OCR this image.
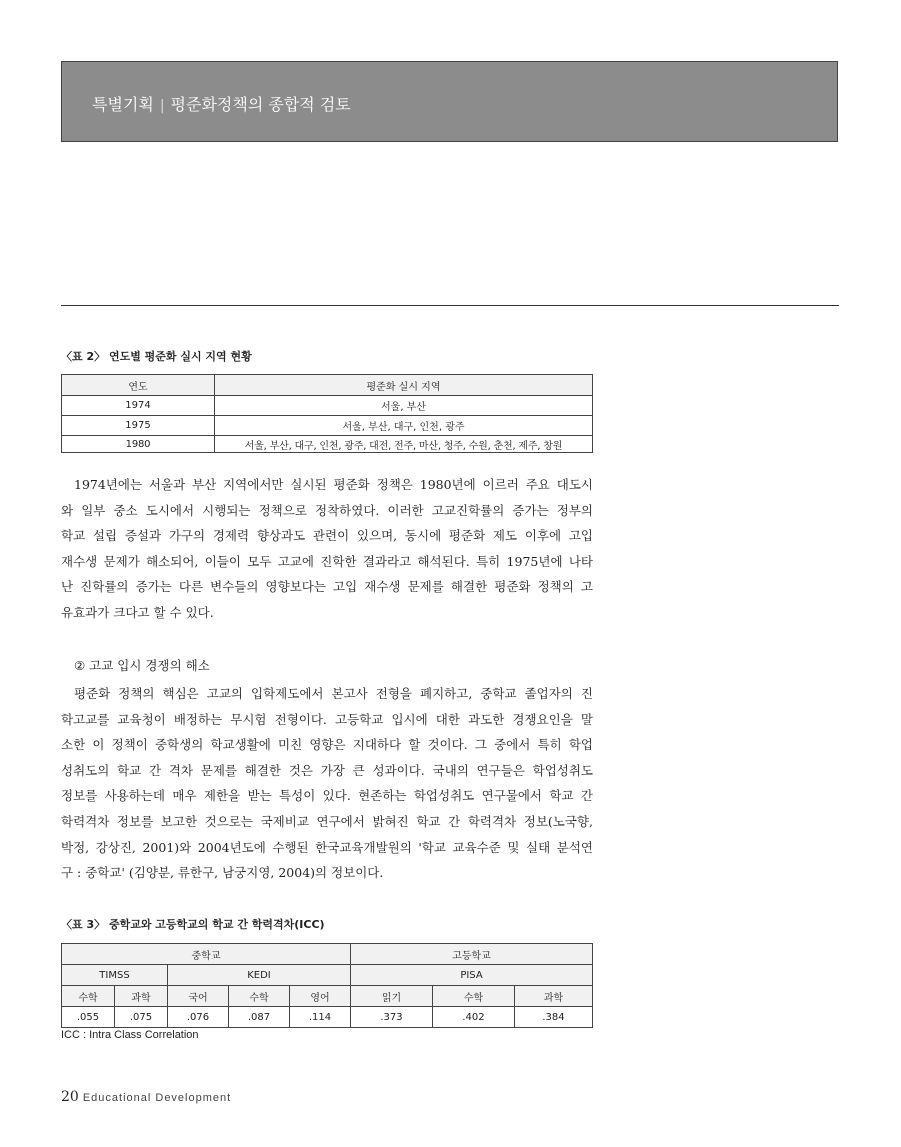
특별기획 | 평준화정책의 종합적 검토
〈표 2〉 연도별 평준화 실시 지역 현황
연도	평준화 실시 지역
1974	서울, 부산
1975	서울, 부산, 대구, 인천, 광주
1980	서울, 부산, 대구, 인천, 광주, 대전, 전주, 마산, 청주, 수원, 춘천, 제주, 창원
1974년에는 서울과 부산 지역에서만 실시된 평준화 정책은 1980년에 이르러 주요 대도시
와 일부 중소 도시에서 시행되는 정책으로 정착하였다. 이러한 고교진학률의 증가는 정부의
학교 설립 증설과 가구의 경제력 향상과도 관련이 있으며, 동시에 평준화 제도 이후에 고입
재수생 문제가 해소되어, 이들이 모두 고교에 진학한 결과라고 해석된다. 특히 1975년에 나타
난 진학률의 증가는 다른 변수들의 영향보다는 고입 재수생 문제를 해결한 평준화 정책의 고
유효과가 크다고 할 수 있다.
② 고교 입시 경쟁의 해소
평준화 정책의 핵심은 고교의 입학제도에서 본고사 전형을 폐지하고, 중학교 졸업자의 진
학고교를 교육청이 배정하는 무시험 전형이다. 고등학교 입시에 대한 과도한 경쟁요인을 말
소한 이 정책이 중학생의 학교생활에 미친 영향은 지대하다 할 것이다. 그 중에서 특히 학업
성취도의 학교 간 격차 문제를 해결한 것은 가장 큰 성과이다. 국내의 연구들은 학업성취도
정보를 사용하는데 매우 제한을 받는 특성이 있다. 현존하는 학업성취도 연구물에서 학교 간
학력격차 정보를 보고한 것으로는 국제비교 연구에서 밝혀진 학교 간 학력격차 정보(노국향,
박정, 강상진, 2001)와 2004년도에 수행된 한국교육개발원의 '학교 교육수준 및 실태 분석연
구 : 중학교' (김양분, 류한구, 남궁지영, 2004)의 정보이다.
〈표 3〉 중학교와 고등학교의 학교 간 학력격차(ICC)
중학교					고등학교		
TIMSS		KEDI			PISA		
수학	과학	국어	수학	영어	읽기	수학	과학
.055	.075	.076	.087	.114	.373	.402	.384
ICC : Intra Class Correlation
20 Educational Development
